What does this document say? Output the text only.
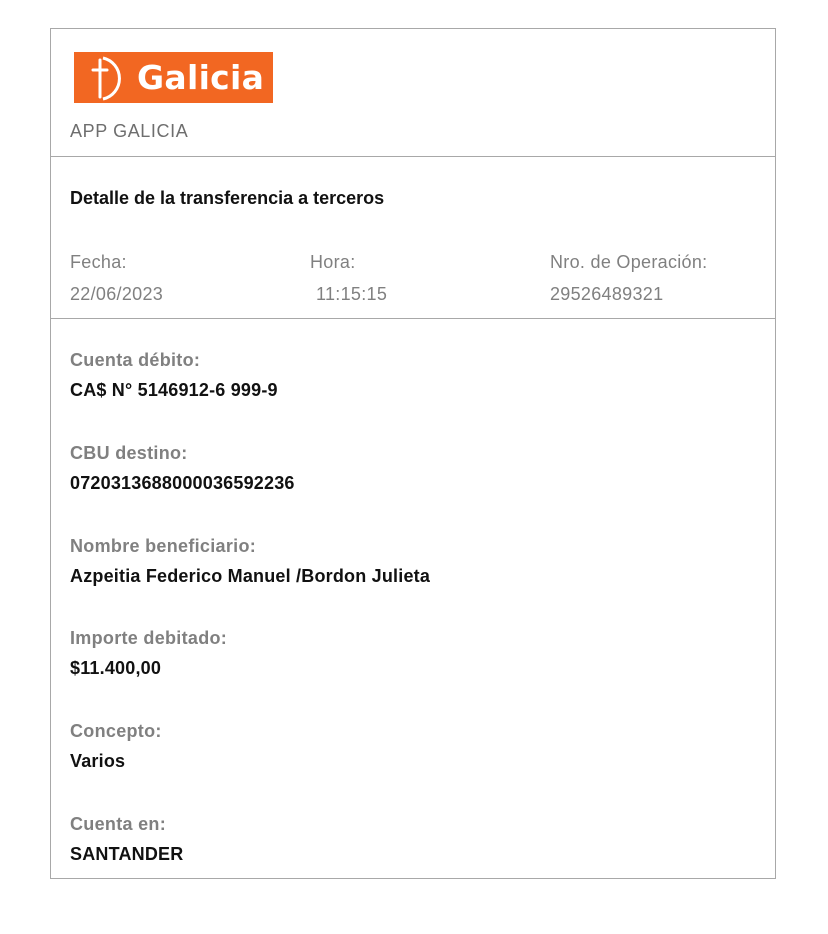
Galicia
APP GALICIA
Detalle de la transferencia a terceros
Fecha:
22/06/2023
Hora:
11:15:15
Nro. de Operación:
29526489321
Cuenta débito:
CA$ N° 5146912-6 999-9
CBU destino:
0720313688000036592236
Nombre beneficiario:
Azpeitia Federico Manuel /Bordon Julieta
Importe debitado:
$11.400,00
Concepto:
Varios
Cuenta en:
SANTANDER
